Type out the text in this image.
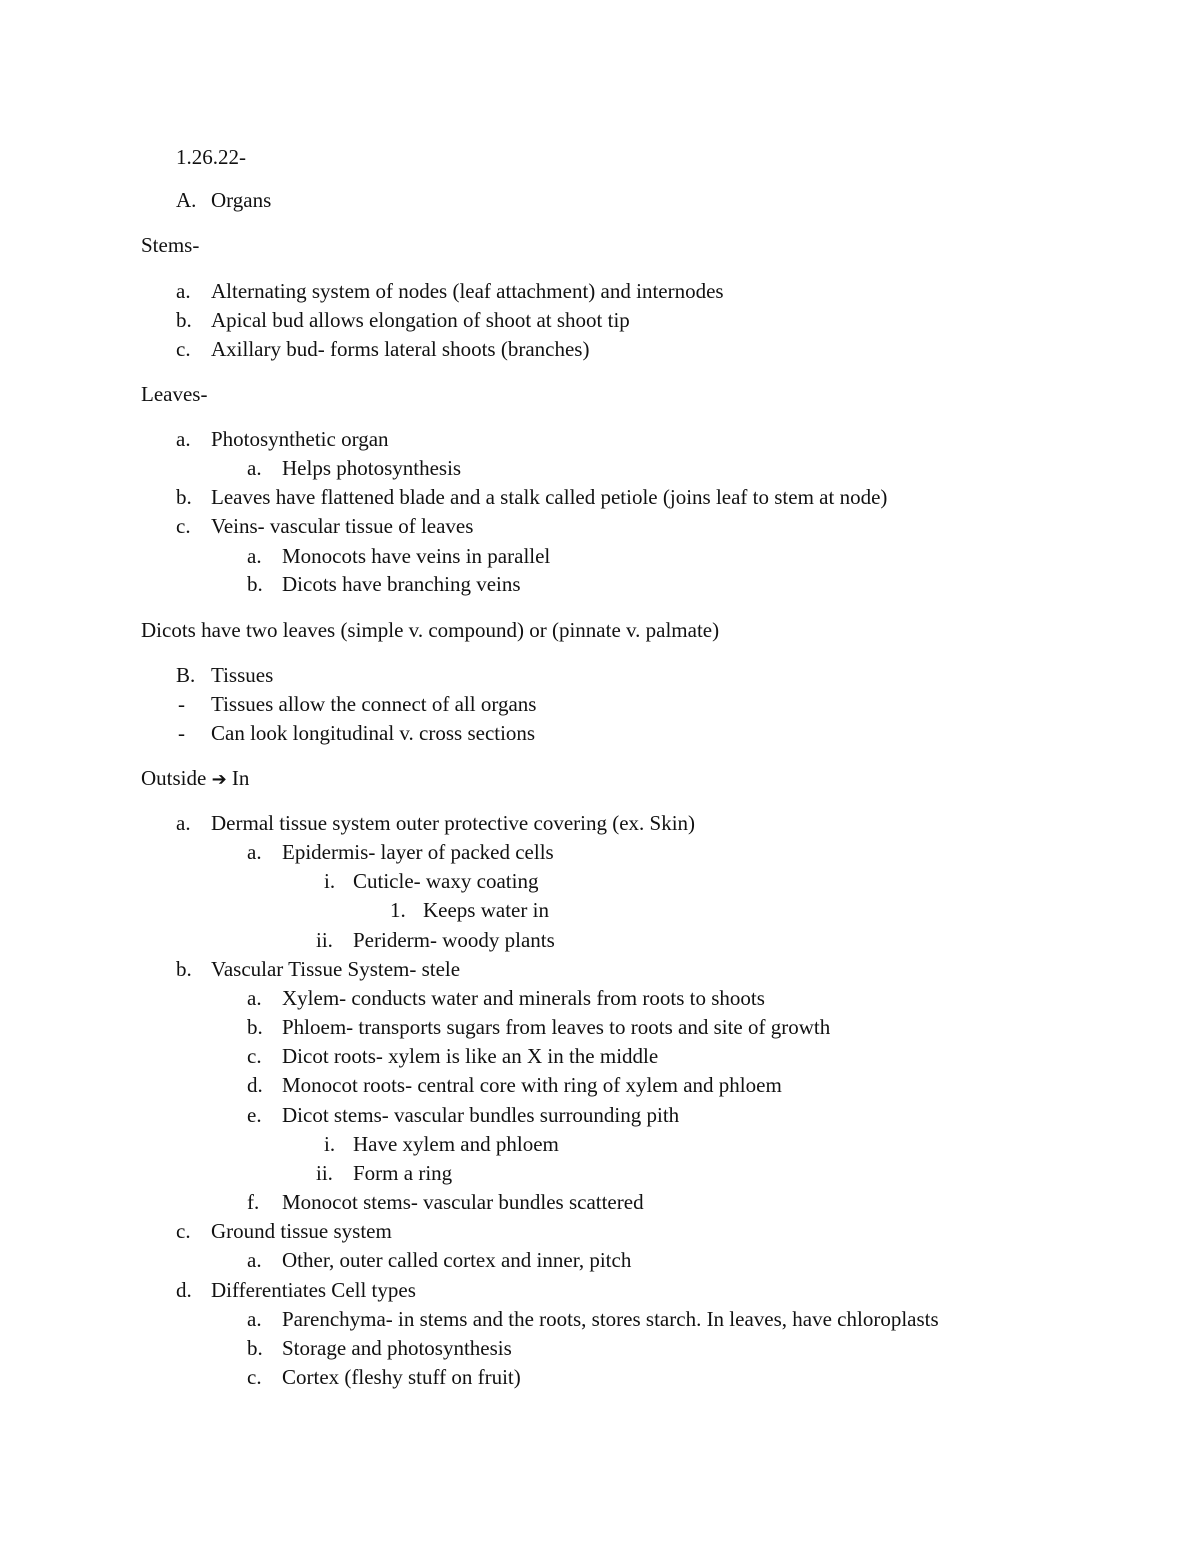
1.26.22-
A. Organs
Stems-
a. Alternating system of nodes (leaf attachment) and internodes
b. Apical bud allows elongation of shoot at shoot tip
c. Axillary bud- forms lateral shoots (branches)
Leaves-
a. Photosynthetic organ
a. Helps photosynthesis
b. Leaves have flattened blade and a stalk called petiole (joins leaf to stem at node)
c. Veins- vascular tissue of leaves
a. Monocots have veins in parallel
b. Dicots have branching veins
Dicots have two leaves (simple v. compound) or (pinnate v. palmate)
B. Tissues
- Tissues allow the connect of all organs
- Can look longitudinal v. cross sections
Outside ➔ In
a. Dermal tissue system outer protective covering (ex. Skin)
a. Epidermis- layer of packed cells
i. Cuticle- waxy coating
1. Keeps water in
ii. Periderm- woody plants
b. Vascular Tissue System- stele
a. Xylem- conducts water and minerals from roots to shoots
b. Phloem- transports sugars from leaves to roots and site of growth
c. Dicot roots- xylem is like an X in the middle
d. Monocot roots- central core with ring of xylem and phloem
e. Dicot stems- vascular bundles surrounding pith
i. Have xylem and phloem
ii. Form a ring
f. Monocot stems- vascular bundles scattered
c. Ground tissue system
a. Other, outer called cortex and inner, pitch
d. Differentiates Cell types
a. Parenchyma- in stems and the roots, stores starch. In leaves, have chloroplasts
b. Storage and photosynthesis
c. Cortex (fleshy stuff on fruit)
